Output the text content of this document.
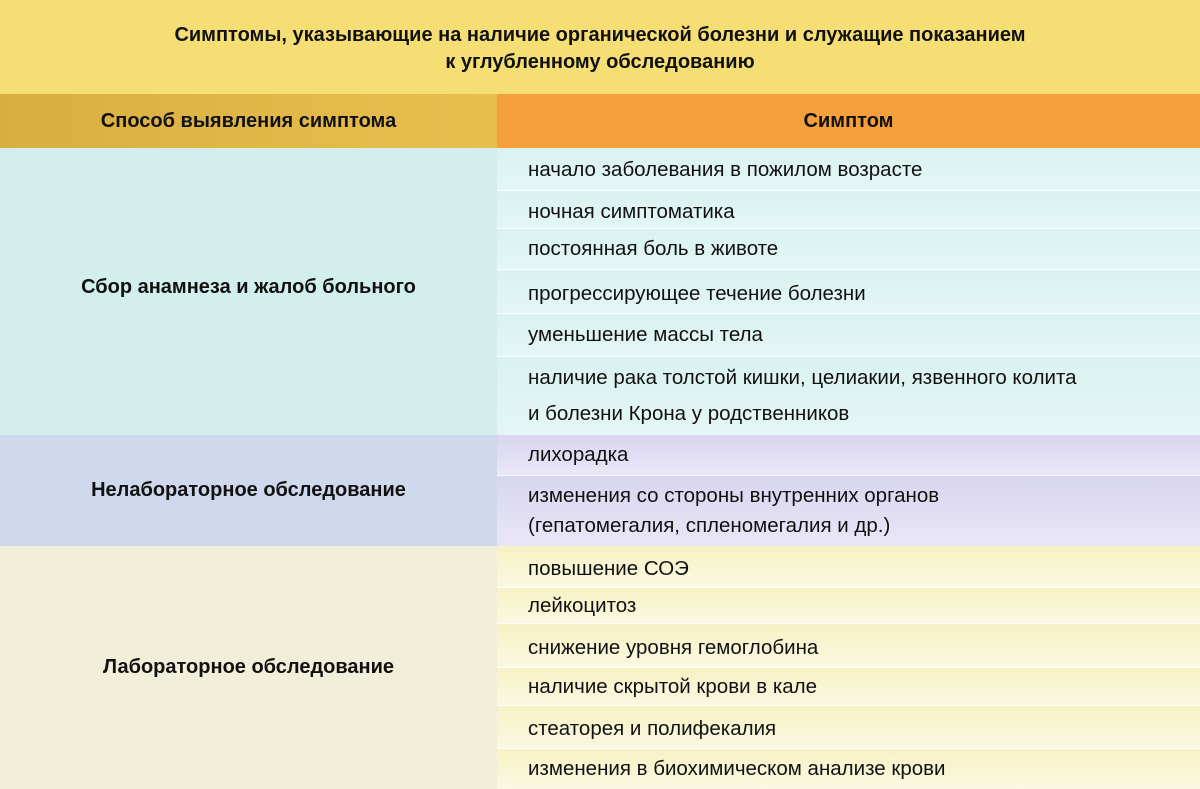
Симптомы, указывающие на наличие органической болезни и служащие показанием
к углубленному обследованию
Способ выявления симптома	Симптом
Сбор анамнеза и жалоб больного
начало заболевания в пожилом возрасте
ночная симптоматика
постоянная боль в животе
прогрессирующее течение болезни
уменьшение массы тела
наличие рака толстой кишки, целиакии, язвенного колита
и болезни Крона у родственников
Нелабораторное обследование
лихорадка
изменения со стороны внутренних органов
(гепатомегалия, спленомегалия и др.)
Лабораторное обследование
повышение СОЭ
лейкоцитоз
снижение уровня гемоглобина
наличие скрытой крови в кале
стеаторея и полифекалия
изменения в биохимическом анализе крови
